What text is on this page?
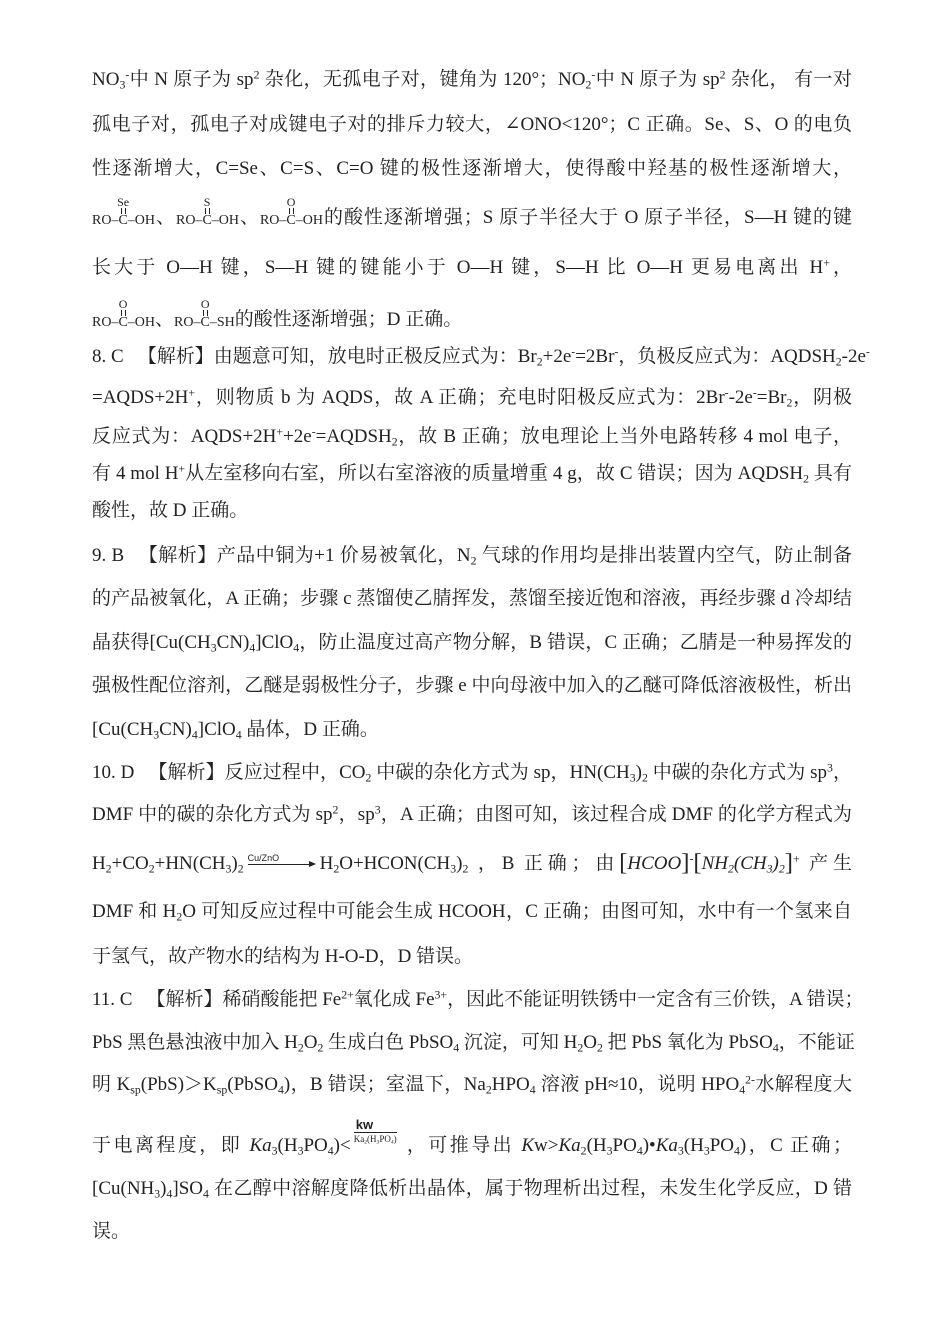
NO3-中 N 原子为 $sp^2$ 杂化，无孤电子对，键角为 120°；NO2-中 N 原子为 $sp^2$ 杂化， 有一对
孤电子对，孤电子对成键电子对的排斥力较大，∠ONO<120°；C 正确。Se、S、O 的电负
性逐渐增大，C=Se、C=S、C=O 键的极性逐渐增大，使得酸中羟基的极性逐渐增大，
RO–C
Se
–OH、RO–C
S
–OH、RO–C
O
–OH的酸性逐渐增强；S 原子半径大于 O 原子半径，S—H 键的键
长大于 O—H 键，S—H 键的键能小于 O—H 键，S—H 比 O—H 更易电离出 H+，
RO–C
O
–OH、RO–C
O
–SH的酸性逐渐增强；D 正确。
8. C 【解析】由题意可知，放电时正极反应式为：Br2+2e-=2Br-，负极反应式为：AQDSH2-2e-
=AQDS+2H+，则物质 b 为 AQDS，故 A 正确；充电时阳极反应式为：2Br--2e-=Br2，阴极
反应式为：AQDS+2H++2e-=AQDSH2，故 B 正确；放电理论上当外电路转移 4 mol 电子，
有 4 mol H+从左室移向右室，所以右室溶液的质量增重 4 g，故 C 错误；因为 AQDSH2 具有
酸性，故 D 正确。
9. B 【解析】产品中铜为+1 价易被氧化，N2 气球的作用均是排出装置内空气，防止制备
的产品被氧化，A 正确；步骤 c 蒸馏使乙腈挥发，蒸馏至接近饱和溶液，再经步骤 d 冷却结
晶获得[Cu(CH3CN)4]ClO4，防止温度过高产物分解，B 错误，C 正确；乙腈是一种易挥发的
强极性配位溶剂，乙醚是弱极性分子，步骤 e 中向母液中加入的乙醚可降低溶液极性，析出
[Cu(CH3CN)4]ClO4 晶体，D 正确。
10. D 【解析】反应过程中，CO2 中碳的杂化方式为 sp，HN(CH3)2 中碳的杂化方式为 $sp^3$，
DMF 中的碳的杂化方式为 $sp^2$，$sp^3$，A 正确；由图可知，该过程合成 DMF 的化学方程式为
H2+CO2+HN(CH3)2
Cu/ZnO	H2O+HCON(CH3)2 ，B 正确；由[HCOO]-[NH2(CH3)2]+ 产生
DMF 和 H2O 可知反应过程中可能会生成 HCOOH，C 正确；由图可知，水中有一个氢来自
于氢气，故产物水的结构为 H-O-D，D 错误。
11. C 【解析】稀硝酸能把 $Fe^{2+}$氧化成 $Fe^{3+}$，因此不能证明铁锈中一定含有三价铁，A 错误；
PbS 黑色悬浊液中加入 H2O2 生成白色 PbSO4 沉淀，可知 H2O2 把 PbS 氧化为 PbSO4，不能证
明 Ksp(PbS)＞Ksp(PbSO4)，B 错误；室温下，Na2HPO4 溶液 pH≈10，说明 $HPO4^{2-}$水解程度大
于电离程度，即 Ka3(H3PO4)<
$\frac{kw}{Ka2(H3PO4)}$
，可推导出 Kw>Ka2(H3PO4)•Ka3(H3PO4)，C 正确；
[Cu(NH3)4]SO4 在乙醇中溶解度降低析出晶体，属于物理析出过程，未发生化学反应，D 错
误。
